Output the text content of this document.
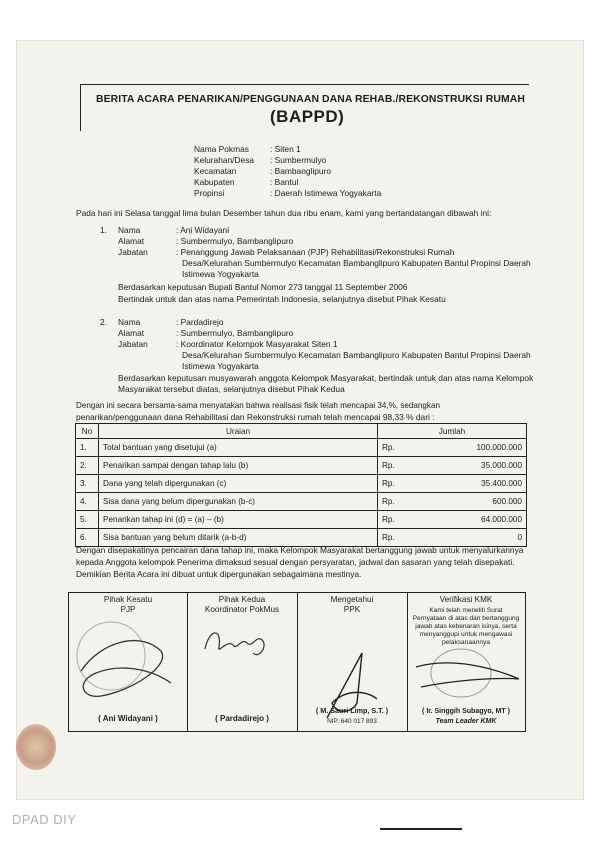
BERITA ACARA PENARIKAN/PENGGUNAAN DANA REHAB./REKONSTRUKSI RUMAH
(BAPPD)
Nama Pokmas	: Siten 1
Kelurahan/Desa : Sumbermulyo
Kecamatan	: Bambanglipuro
Kabupaten	: Bantul
Propinsi	: Daerah Istimewa Yogyakarta
Pada hari ini Selasa tanggal lima bulan Desember tahun dua ribu enam, kami yang bertandatangan dibawah ini:
1. Nama	: Ani Widayani
Alamat	: Sumbermulyo, Bambanglipuro
Jabatan	: Penanggung Jawab Pelaksanaan (PJP) Rehabilitasi/Rekonstruksi Rumah
Desa/Kelurahan Sumbermulyo Kecamatan Bambanglipuro Kabupaten Bantul Propinsi Daerah
Istimewa Yogyakarta
Berdasarkan keputusan Bupati Bantul Nomor 273 tanggal 11 September 2006
Bertindak untuk dan atas nama Pemerintah Indonesia, selanjutnya disebut Pihak Kesatu
2. Nama	: Pardadirejo
Alamat	: Sumbermulyo, Bambanglipuro
Jabatan	: Koordinator Kelompok Masyarakat Siten 1
Desa/Kelurahan Sumbermulyo Kecamatan Bambanglipuro Kabupaten Bantul Propinsi Daerah
Istimewa Yogyakarta
Berdasarkan keputusan musyawarah anggota Kelompok Masyarakat, bertindak untuk dan atas nama Kelompok
Masyarakat tersebut diatas, selanjutnya disebut Pihak Kedua
Dengan ini secara bersama-sama menyatakan bahwa realisasi fisik telah mencapai 34,%, sedangkan
penarikan/penggunaan dana Rehabilitasi dan Rekonstruksi rumah telah mencapai 98,33 % dari :
No	Uraian	Jumlah	
1.	Total bantuan yang disetujui (a)	Rp.	100.000.000
2.	Penarikan sampai dengan tahap lalu (b)	Rp.	35.000.000
3.	Dana yang telah dipergunakan (c)	Rp.	35.400.000
4.	Sisa dana yang belum dipergunakan (b-c)	Rp.	600.000
5.	Penarikan tahap ini (d) = (a) – (b)	Rp.	64.000.000
6.	Sisa bantuan yang belum ditarik (a-b-d)	Rp.	0
Dengan disepakatinya pencairan dana tahap ini, maka Kelompok Masyarakat bertanggung jawab untuk menyalurkannya
kepada Anggota kelompok Penerima dimaksud sesual dengan persyaratan, jadwal dan sasaran yang telah disepakati.
Demikian Berita Acara ini dibuat untuk dipergunakan sebagaimana mestinya.
Pihak Kesatu
PJP
( Ani Widayani )
Pihak Kedua
Koordinator PokMus
( Pardadirejo )
Mengetahui
PPK
( M. Sauri Limp, S.T. )
NIP. 640 017 893
Verifikasi KMK
Kami telah meneliti Surat
Pernyataan di atas dan bertanggung
jawab atas kebenaran isinya, serta
menyanggupi untuk mengawasi
pelaksanaannya
( Ir. Singgih Subagyo, MT )
Team Leader KMK
DPAD DIY
